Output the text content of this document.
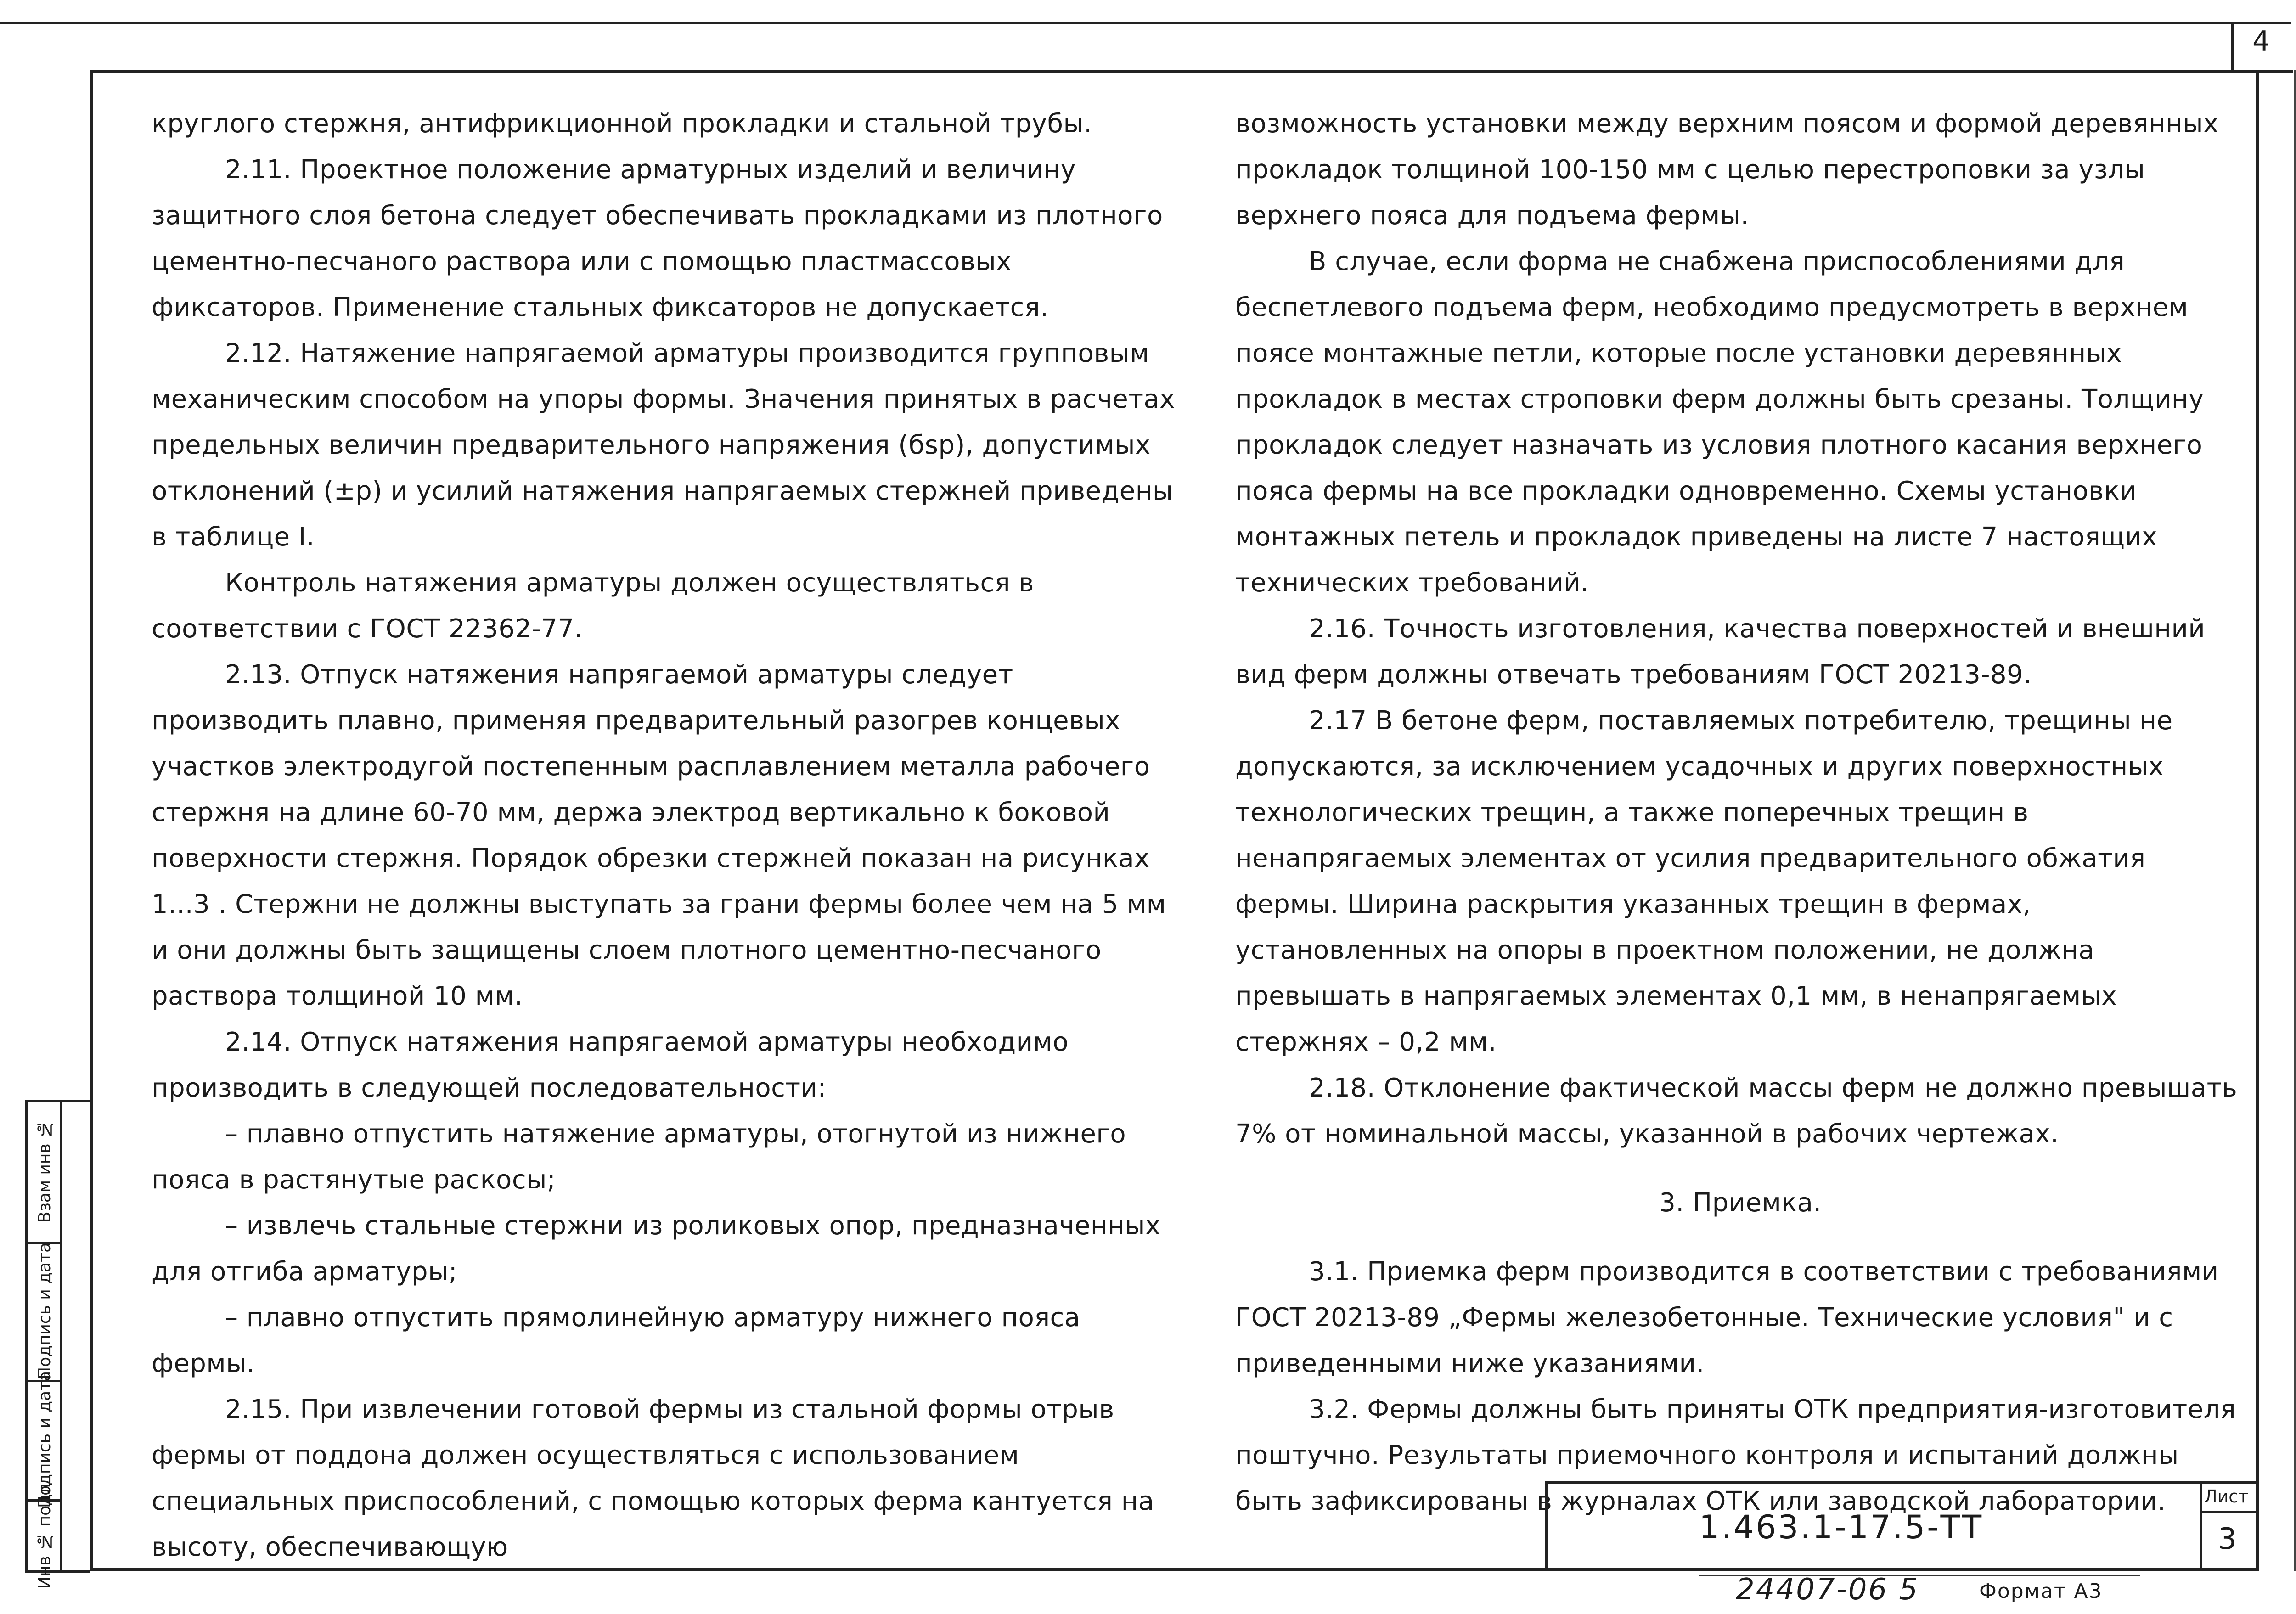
4
Взам инв №
Подпись и дата
Подпись и дата
Инв № подл

круглого стержня, антифрикционной прокладки и стальной трубы.

2.11. Проектное положение арматурных изделий и величину защитного слоя бетона следует обеспечивать прокладками из плотного цементно-песчаного раствора или с помощью пластмассовых фиксаторов. Применение стальных фиксаторов не допускается.

2.12. Натяжение напрягаемой арматуры производится групповым механическим способом на упоры формы. Значения принятых в расчетах предельных величин предварительного напряжения (бsp), допустимых отклонений (±р) и усилий натяжения напрягаемых стержней приведены в таблице I.

Контроль натяжения арматуры должен осуществляться в соответствии с ГОСТ 22362-77.

2.13. Отпуск натяжения напрягаемой арматуры следует производить плавно, применяя предварительный разогрев концевых участков электродугой постепенным расплавлением металла рабочего стержня на длине 60-70 мм, держа электрод вертикально к боковой поверхности стержня. Порядок обрезки стержней показан на рисунках 1...3 . Стержни не должны выступать за грани фермы более чем на 5 мм и они должны быть защищены слоем плотного цементно-песчаного раствора толщиной 10 мм.

2.14. Отпуск натяжения напрягаемой арматуры необходимо производить в следующей последовательности:

– плавно отпустить натяжение арматуры, отогнутой из нижнего пояса в растянутые раскосы;

– извлечь стальные стержни из роликовых опор, предназначенных для отгиба арматуры;

– плавно отпустить прямолинейную арматуру нижнего пояса фермы.

2.15. При извлечении готовой фермы из стальной формы отрыв фермы от поддона должен осуществляться с использованием специальных приспособлений, с помощью которых ферма кантуется на высоту, обеспечивающую

возможность установки между верхним поясом и формой деревянных прокладок толщиной 100-150 мм с целью перестроповки за узлы верхнего пояса для подъема фермы.

В случае, если форма не снабжена приспособлениями для беспетлевого подъема ферм, необходимо предусмотреть в верхнем поясе монтажные петли, которые после установки деревянных прокладок в местах строповки ферм должны быть срезаны. Толщину прокладок следует назначать из условия плотного касания верхнего пояса фермы на все прокладки одновременно. Схемы установки монтажных петель и прокладок приведены на листе 7 настоящих технических требований.

2.16. Точность изготовления, качества поверхностей и внешний вид ферм должны отвечать требованиям ГОСТ 20213-89.

2.17 В бетоне ферм, поставляемых потребителю, трещины не допускаются, за исключением усадочных и других поверхностных технологических трещин, а также поперечных трещин в ненапрягаемых элементах от усилия предварительного обжатия фермы. Ширина раскрытия указанных трещин в фермах, установленных на опоры в проектном положении, не должна превышать в напрягаемых элементах 0,1 мм, в ненапрягаемых стержнях – 0,2 мм.

2.18. Отклонение фактической массы ферм не должно превышать 7% от номинальной массы, указанной в рабочих чертежах.

3. Приемка.

3.1. Приемка ферм производится в соответствии с требованиями ГОСТ 20213-89 „Фермы железобетонные. Технические условия" и с приведенными ниже указаниями.

3.2. Фермы должны быть приняты ОТК предприятия-изготовителя поштучно. Результаты приемочного контроля и испытаний должны быть зафиксированы в журналах ОТК или заводской лаборатории.

1.463.1-17.5-ТТ
Лист
3
24407-06 5	Формат А3
